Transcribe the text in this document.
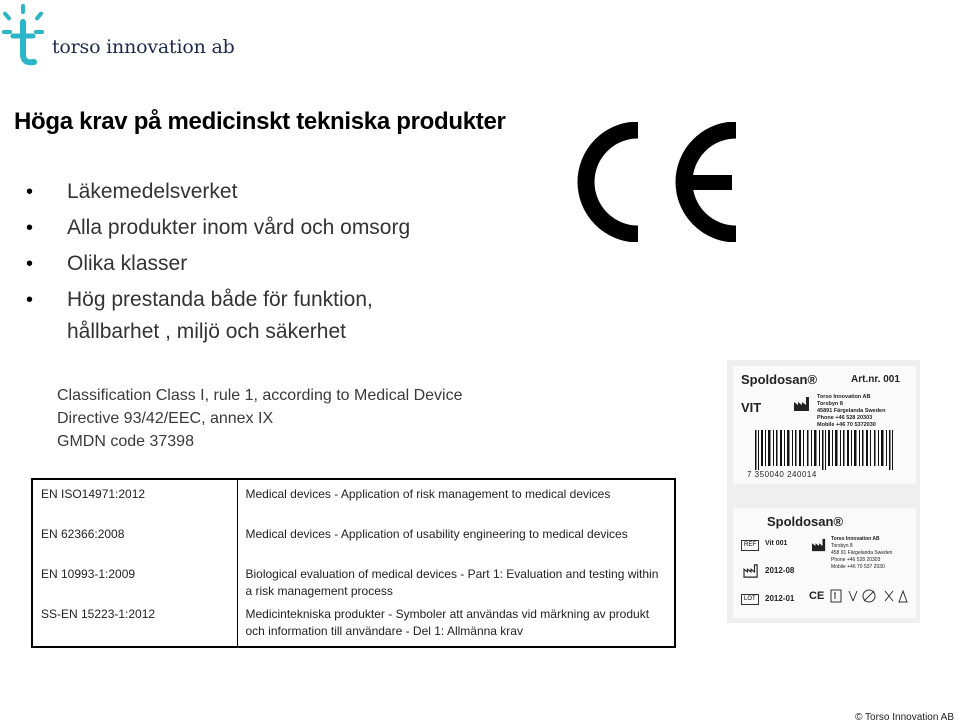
torso innovation ab
Höga krav på medicinskt tekniska produkter
• Läkemedelsverket
• Alla produkter inom vård och omsorg
• Olika klasser
• Hög prestanda både för funktion,
hållbarhet , miljö och säkerhet
Classification Class I, rule 1, according to Medical Device
Directive 93/42/EEC, annex IX
GMDN code 37398
EN ISO14971:2012	Medical devices - Application of risk management to medical devices
EN 62366:2008	Medical devices - Application of usability engineering to medical devices
EN 10993-1:2009	Biological evaluation of medical devices - Part 1: Evaluation and testing within a risk management process
SS-EN 15223-1:2012	Medicintekniska produkter - Symboler att användas vid märkning av produkt och information till användare - Del 1: Allmänna krav
Spoldosan®	Art.nr. 001
VIT
Torso Innovation AB
Torsbyn 8
45891 Färgelanda Sweden
Phone +46 528 20303
Mobile +46 70 5372030
7 350040 240014
Spoldosan®
REF	Vit 001
Torso Innovation AB
Torsbyn 8
458 91 Färgelanda Sweden
Phone +46 528 20303
Mobile +46 70 537 2030
2012-08
LOT	2012-01 CE
© Torso Innovation AB
